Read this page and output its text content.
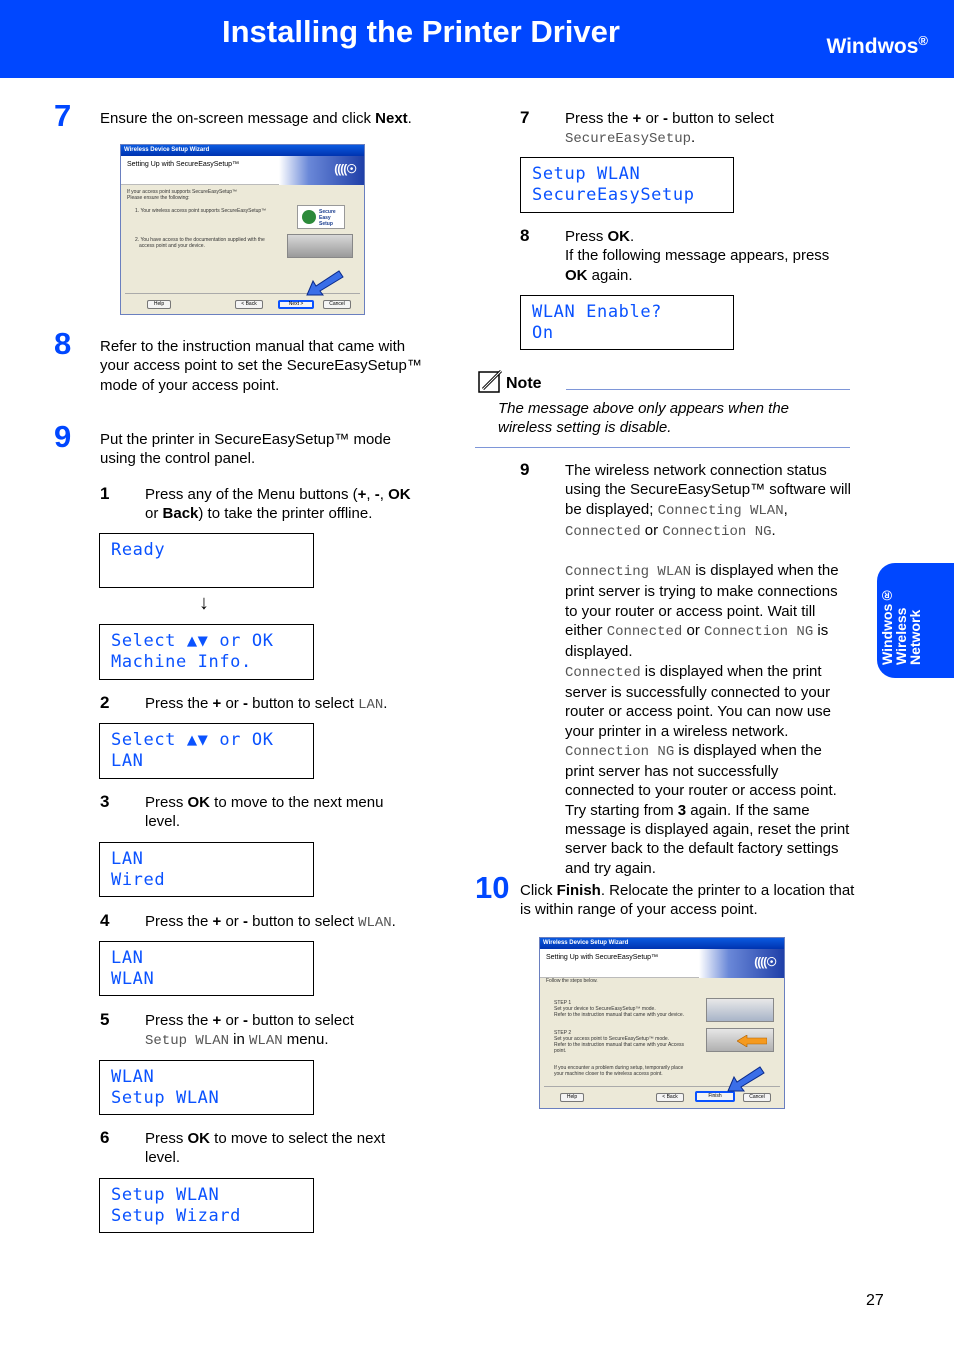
Installing the Printer Driver	Windwos®
Windwos® Wireless Network
7 Ensure the on-screen message and click Next.
Wireless Device Setup Wizard
Setting Up with SecureEasySetup™	((((☉
If your access point supports SecureEasySetup™
Please ensure the following:
1. Your wireless access point supports SecureEasySetup™	Secure Easy Setup
2. You have access to the documentation supplied with the
access point and your device.
Help	< Back	Next >	Cancel
8 Refer to the instruction manual that came with your access point to set the SecureEasySetup™ mode of your access point.
9 Put the printer in SecureEasySetup™ mode using the control panel.
1 Press any of the Menu buttons (+, -, OK
or Back) to take the printer offline.
Ready
↓
Select ▲▼ or OK
Machine Info.
2 Press the + or - button to select LAN.
Select ▲▼ or OK
LAN
3 Press OK to move to the next menu level.
LAN
Wired
4 Press the + or - button to select WLAN.
LAN
WLAN
5 Press the + or - button to select
Setup WLAN in WLAN menu.
WLAN
Setup WLAN
6 Press OK to move to select the next level.
Setup WLAN
Setup Wizard
7 Press the + or - button to select
SecureEasySetup.
Setup WLAN
SecureEasySetup
8 Press OK.
If the following message appears, press OK again.
WLAN Enable?
On
Note
The message above only appears when the wireless setting is disable.
9 The wireless network connection status using the SecureEasySetup™ software will be displayed; Connecting WLAN, Connected or Connection NG.
Connecting WLAN is displayed when the print server is trying to make connections to your router or access point. Wait till either Connected or Connection NG is displayed.
Connected is displayed when the print server is successfully connected to your router or access point. You can now use your printer in a wireless network.
Connection NG is displayed when the print server has not successfully connected to your router or access point. Try starting from 3 again. If the same message is displayed again, reset the print server back to the default factory settings and try again.
10 Click Finish. Relocate the printer to a location that is within range of your access point.
Wireless Device Setup Wizard
Setting Up with SecureEasySetup™	((((☉
Follow the steps below.
STEP 1
Set your device to SecureEasySetup™ mode.
Refer to the instruction manual that came with your device.
STEP 2
Set your access point to SecureEasySetup™ mode.
Refer to the instruction manual that came with your Access
point.
If you encounter a problem during setup, temporarily place
your machine closer to the wireless access point.
Help	< Back	Finish	Cancel
27
